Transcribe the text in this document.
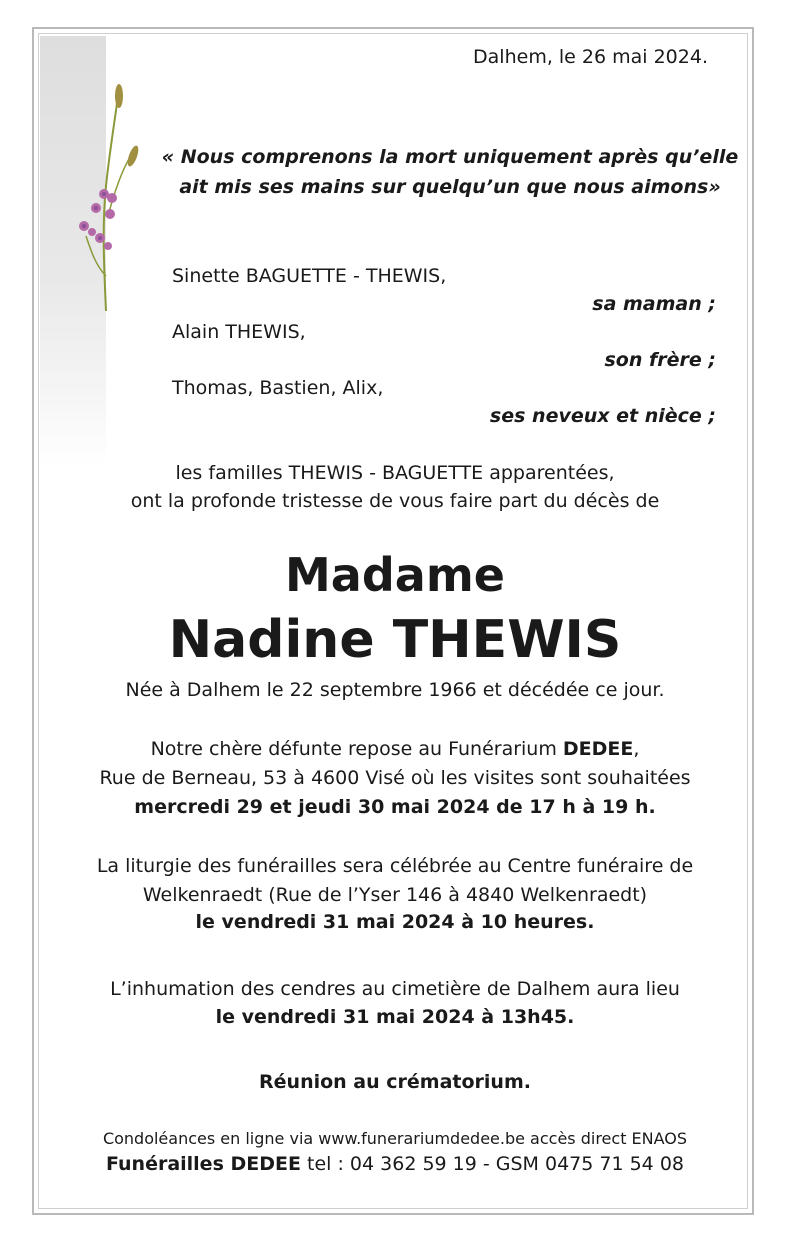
Dalhem, le 26 mai 2024.
« Nous comprenons la mort uniquement après qu’elle
ait mis ses mains sur quelqu’un que nous aimons»
Sinette BAGUETTE - THEWIS,
sa maman ;
Alain THEWIS,
son frère ;
Thomas, Bastien, Alix,
ses neveux et nièce ;
les familles THEWIS - BAGUETTE apparentées,
ont la profonde tristesse de vous faire part du décès de
Madame
Nadine THEWIS
Née à Dalhem le 22 septembre 1966 et décédée ce jour.
Notre chère défunte repose au Funérarium DEDEE,
Rue de Berneau, 53 à 4600 Visé où les visites sont souhaitées
mercredi 29 et jeudi 30 mai 2024 de 17 h à 19 h.
La liturgie des funérailles sera célébrée au Centre funéraire de
Welkenraedt (Rue de l’Yser 146 à 4840 Welkenraedt)
le vendredi 31 mai 2024 à 10 heures.
L’inhumation des cendres au cimetière de Dalhem aura lieu
le vendredi 31 mai 2024 à 13h45.
Réunion au crématorium.
Condoléances en ligne via www.funerariumdedee.be accès direct ENAOS
Funérailles DEDEE tel : 04 362 59 19 - GSM 0475 71 54 08
